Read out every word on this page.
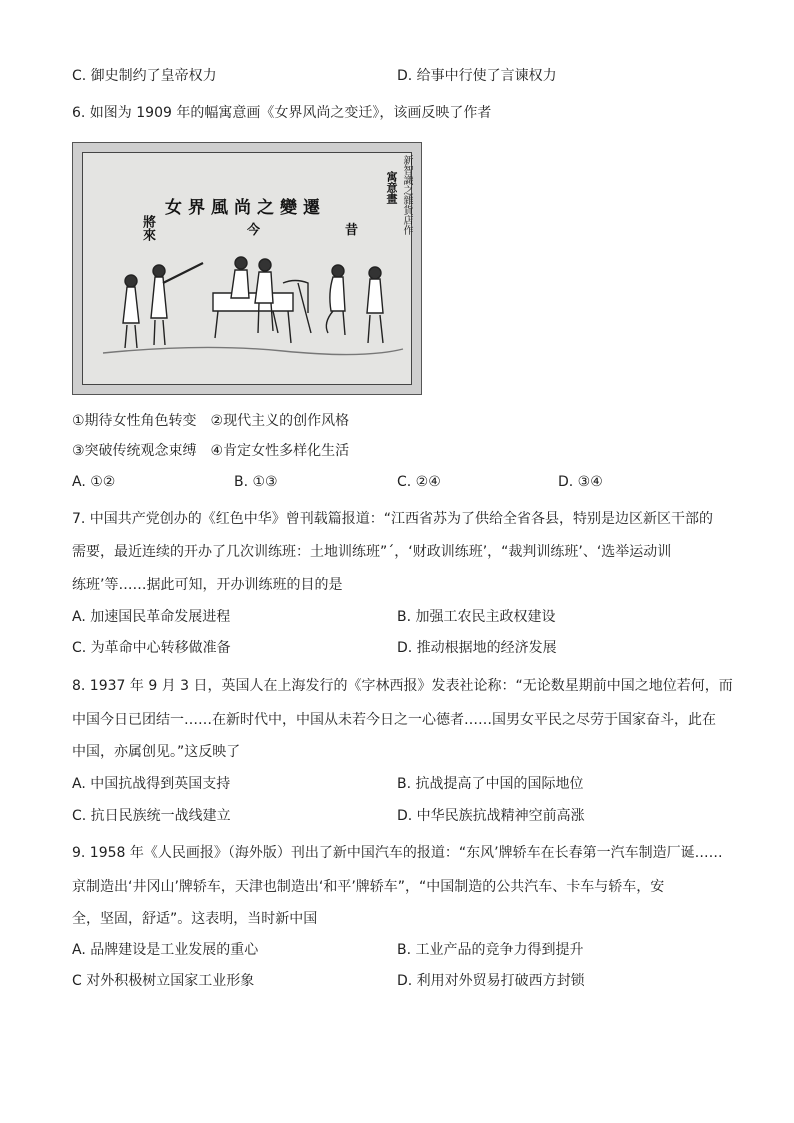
C. 御史制约了皇帝权力	D. 给事中行使了言谏权力
6. 如图为 1909 年的幅寓意画《女界风尚之变迁》，该画反映了作者
女界風尚之變遷
將來	今	昔
寓意畫 新智識之雜貨店作
①期待女性角色转变　②现代主义的创作风格
③突破传统观念束缚　④肯定女性多样化生活
A. ①②	B. ①③	C. ②④	D. ③④
7. 中国共产党创办的《红色中华》曾刊载篇报道：“江西省苏为了供给全省各县，特别是边区新区干部的
需要，最近连续的开办了几次训练班：土地训练班”ˊ，‘财政训练班’，“裁判训练班’、‘选举运动训
练班’等……据此可知，开办训练班的目的是
A. 加速国民革命发展进程	B. 加强工农民主政权建设
C. 为革命中心转移做准备	D. 推动根据地的经济发展
8. 1937 年 9 月 3 日，英国人在上海发行的《字林西报》发表社论称：“无论数星期前中国之地位若何，而
中国今日已团结一……在新时代中，中国从未若今日之一心德者……国男女平民之尽劳于国家奋斗，此在
中国，亦属创见。”这反映了
A. 中国抗战得到英国支持	B. 抗战提高了中国的国际地位
C. 抗日民族统一战线建立	D. 中华民族抗战精神空前高涨
9. 1958 年《人民画报》（海外版）刊出了新中国汽车的报道：“东风’牌轿车在长春第一汽车制造厂诞……
京制造出‘井冈山’牌轿车，天津也制造出‘和平’牌轿车”，“中国制造的公共汽车、卡车与轿车，安
全，坚固，舒适”。这表明，当时新中国
A. 品牌建设是工业发展的重心	B. 工业产品的竞争力得到提升
C 对外积极树立国家工业形象	D. 利用对外贸易打破西方封锁
